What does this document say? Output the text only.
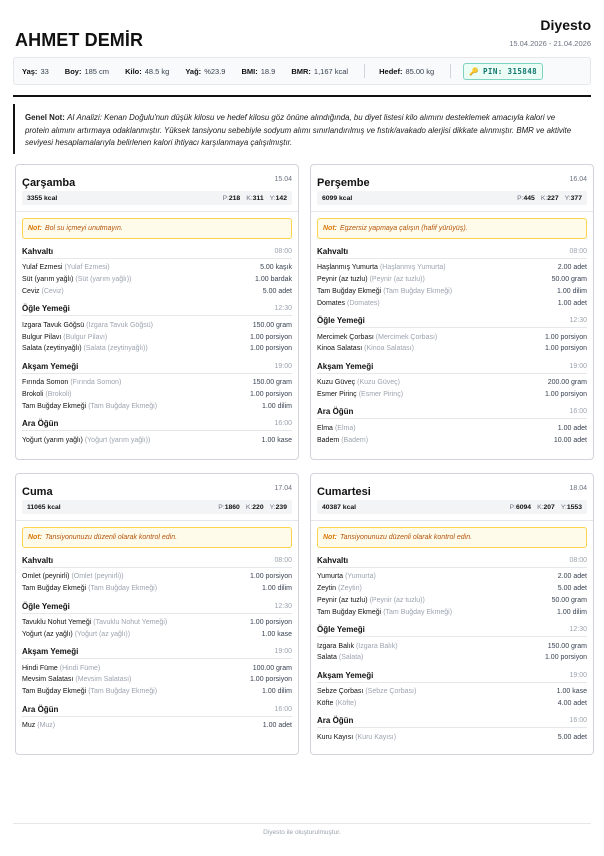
AHMET DEMİR
Diyesto
15.04.2026 - 21.04.2026
Yaş: 33 Boy: 185 cm Kilo: 48.5 kg Yağ: %23.9 BMI: 18.9 BMR: 1,167 kcal	Hedef: 85.00 kg	🔑 PIN: 315848
Genel Not: AI Analizi: Kenan Doğulu'nun düşük kilosu ve hedef kilosu göz önüne alındığında, bu diyet listesi kilo alımını desteklemek amacıyla kalori ve protein alımını artırmaya odaklanmıştır. Yüksek tansiyonu sebebiyle sodyum alımı sınırlandırılmış ve fıstık/avakado alerjisi dikkate alınmıştır. BMR ve aktivite seviyesi hesaplamalarıyla belirlenen kalori ihtiyacı karşılanmaya çalışılmıştır.
Çarşamba	15.04
3355 kcal	P:218 K:311 Y:142
Not: Bol su içmeyi unutmayın.
Kahvaltı	08:00
Yulaf Ezmesi (Yulaf Ezmesi)	5.00 kaşık
Süt (yarım yağlı) (Süt (yarım yağlı))	1.00 bardak
Ceviz (Ceviz)	5.00 adet
Öğle Yemeği	12:30
Izgara Tavuk Göğsü (Izgara Tavuk Göğsü)	150.00 gram
Bulgur Pilavı (Bulgur Pilavı)	1.00 porsiyon
Salata (zeytinyağlı) (Salata (zeytinyağlı))	1.00 porsiyon
Akşam Yemeği	19:00
Fırında Somon (Fırında Somon)	150.00 gram
Brokoli (Brokoli)	1.00 porsiyon
Tam Buğday Ekmeği (Tam Buğday Ekmeği)	1.00 dilim
Ara Öğün	16:00
Yoğurt (yarım yağlı) (Yoğurt (yarım yağlı))	1.00 kase
Perşembe	16.04
6099 kcal	P:445 K:227 Y:377
Not: Egzersiz yapmaya çalışın (hafif yürüyüş).
Kahvaltı	08:00
Haşlanmış Yumurta (Haşlanmış Yumurta)	2.00 adet
Peynir (az tuzlu) (Peynir (az tuzlu))	50.00 gram
Tam Buğday Ekmeği (Tam Buğday Ekmeği)	1.00 dilim
Domates (Domates)	1.00 adet
Öğle Yemeği	12:30
Mercimek Çorbası (Mercimek Çorbası)	1.00 porsiyon
Kinoa Salatası (Kinoa Salatası)	1.00 porsiyon
Akşam Yemeği	19:00
Kuzu Güveç (Kuzu Güveç)	200.00 gram
Esmer Pirinç (Esmer Pirinç)	1.00 porsiyon
Ara Öğün	16:00
Elma (Elma)	1.00 adet
Badem (Badem)	10.00 adet
Cuma	17.04
11065 kcal	P:1860 K:220 Y:239
Not: Tansiyonunuzu düzenli olarak kontrol edin.
Kahvaltı	08:00
Omlet (peynirli) (Omlet (peynirli))	1.00 porsiyon
Tam Buğday Ekmeği (Tam Buğday Ekmeği)	1.00 dilim
Öğle Yemeği	12:30
Tavuklu Nohut Yemeği (Tavuklu Nohut Yemeği)	1.00 porsiyon
Yoğurt (az yağlı) (Yoğurt (az yağlı))	1.00 kase
Akşam Yemeği	19:00
Hindi Füme (Hindi Füme)	100.00 gram
Mevsim Salatası (Mevsim Salatası)	1.00 porsiyon
Tam Buğday Ekmeği (Tam Buğday Ekmeği)	1.00 dilim
Ara Öğün	16:00
Muz (Muz)	1.00 adet
Cumartesi	18.04
40387 kcal	P:6094 K:207 Y:1553
Not: Tansiyonunuzu düzenli olarak kontrol edin.
Kahvaltı	08:00
Yumurta (Yumurta)	2.00 adet
Zeytin (Zeytin)	5.00 adet
Peynir (az tuzlu) (Peynir (az tuzlu))	50.00 gram
Tam Buğday Ekmeği (Tam Buğday Ekmeği)	1.00 dilim
Öğle Yemeği	12:30
Izgara Balık (Izgara Balık)	150.00 gram
Salata (Salata)	1.00 porsiyon
Akşam Yemeği	19:00
Sebze Çorbası (Sebze Çorbası)	1.00 kase
Köfte (Köfte)	4.00 adet
Ara Öğün	16:00
Kuru Kayısı (Kuru Kayısı)	5.00 adet
Diyesto ile oluşturulmuştur.
